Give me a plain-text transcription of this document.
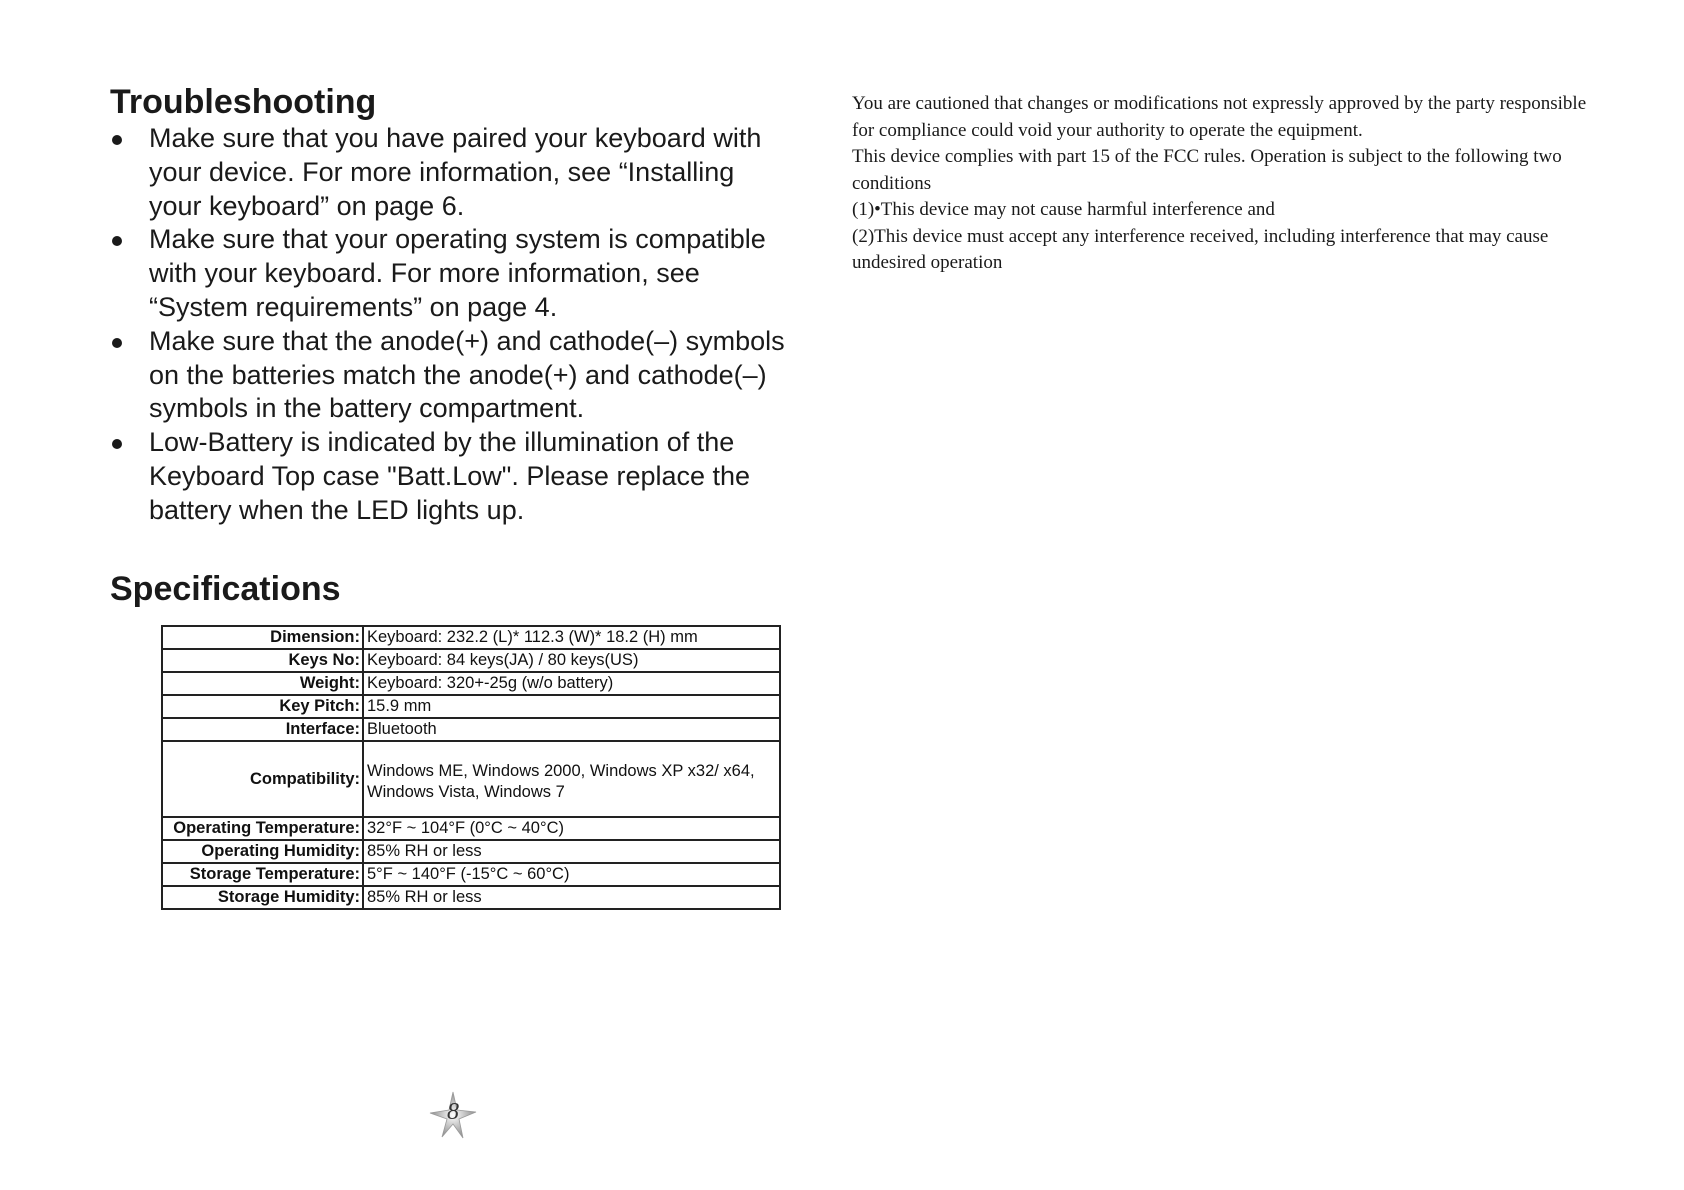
Troubleshooting
Make sure that you have paired your keyboard with
your device. For more information, see “Installing
your keyboard” on page 6.
Make sure that your operating system is compatible
with your keyboard. For more information, see
“System requirements” on page 4.
Make sure that the anode(+) and cathode(–) symbols
on the batteries match the anode(+) and cathode(–)
symbols in the battery compartment.
Low-Battery is indicated by the illumination of the
Keyboard Top case "Batt.Low". Please replace the
battery when the LED lights up.
Specifications
Dimension:	Keyboard: 232.2 (L)* 112.3 (W)* 18.2 (H) mm
Keys No:	Keyboard: 84 keys(JA) / 80 keys(US)
Weight:	Keyboard: 320+-25g (w/o battery)
Key Pitch:	15.9 mm
Interface:	Bluetooth
Compatibility:	Windows ME, Windows 2000, Windows XP x32/ x64,
Windows Vista, Windows 7

Operating Temperature:	32°F ~ 104°F (0°C ~ 40°C)
Operating Humidity:	85% RH or less
Storage Temperature:	5°F ~ 140°F (-15°C ~ 60°C)
Storage Humidity:	85% RH or less

You are cautioned that changes or modifications not expressly approved by the party responsible

for compliance could void your authority to operate the equipment.

This device complies with part 15 of the FCC rules. Operation is subject to the following two

conditions

(1)•This device may not cause harmful interference and

(2)This device must accept any interference received, including interference that may cause

undesired operation

8
